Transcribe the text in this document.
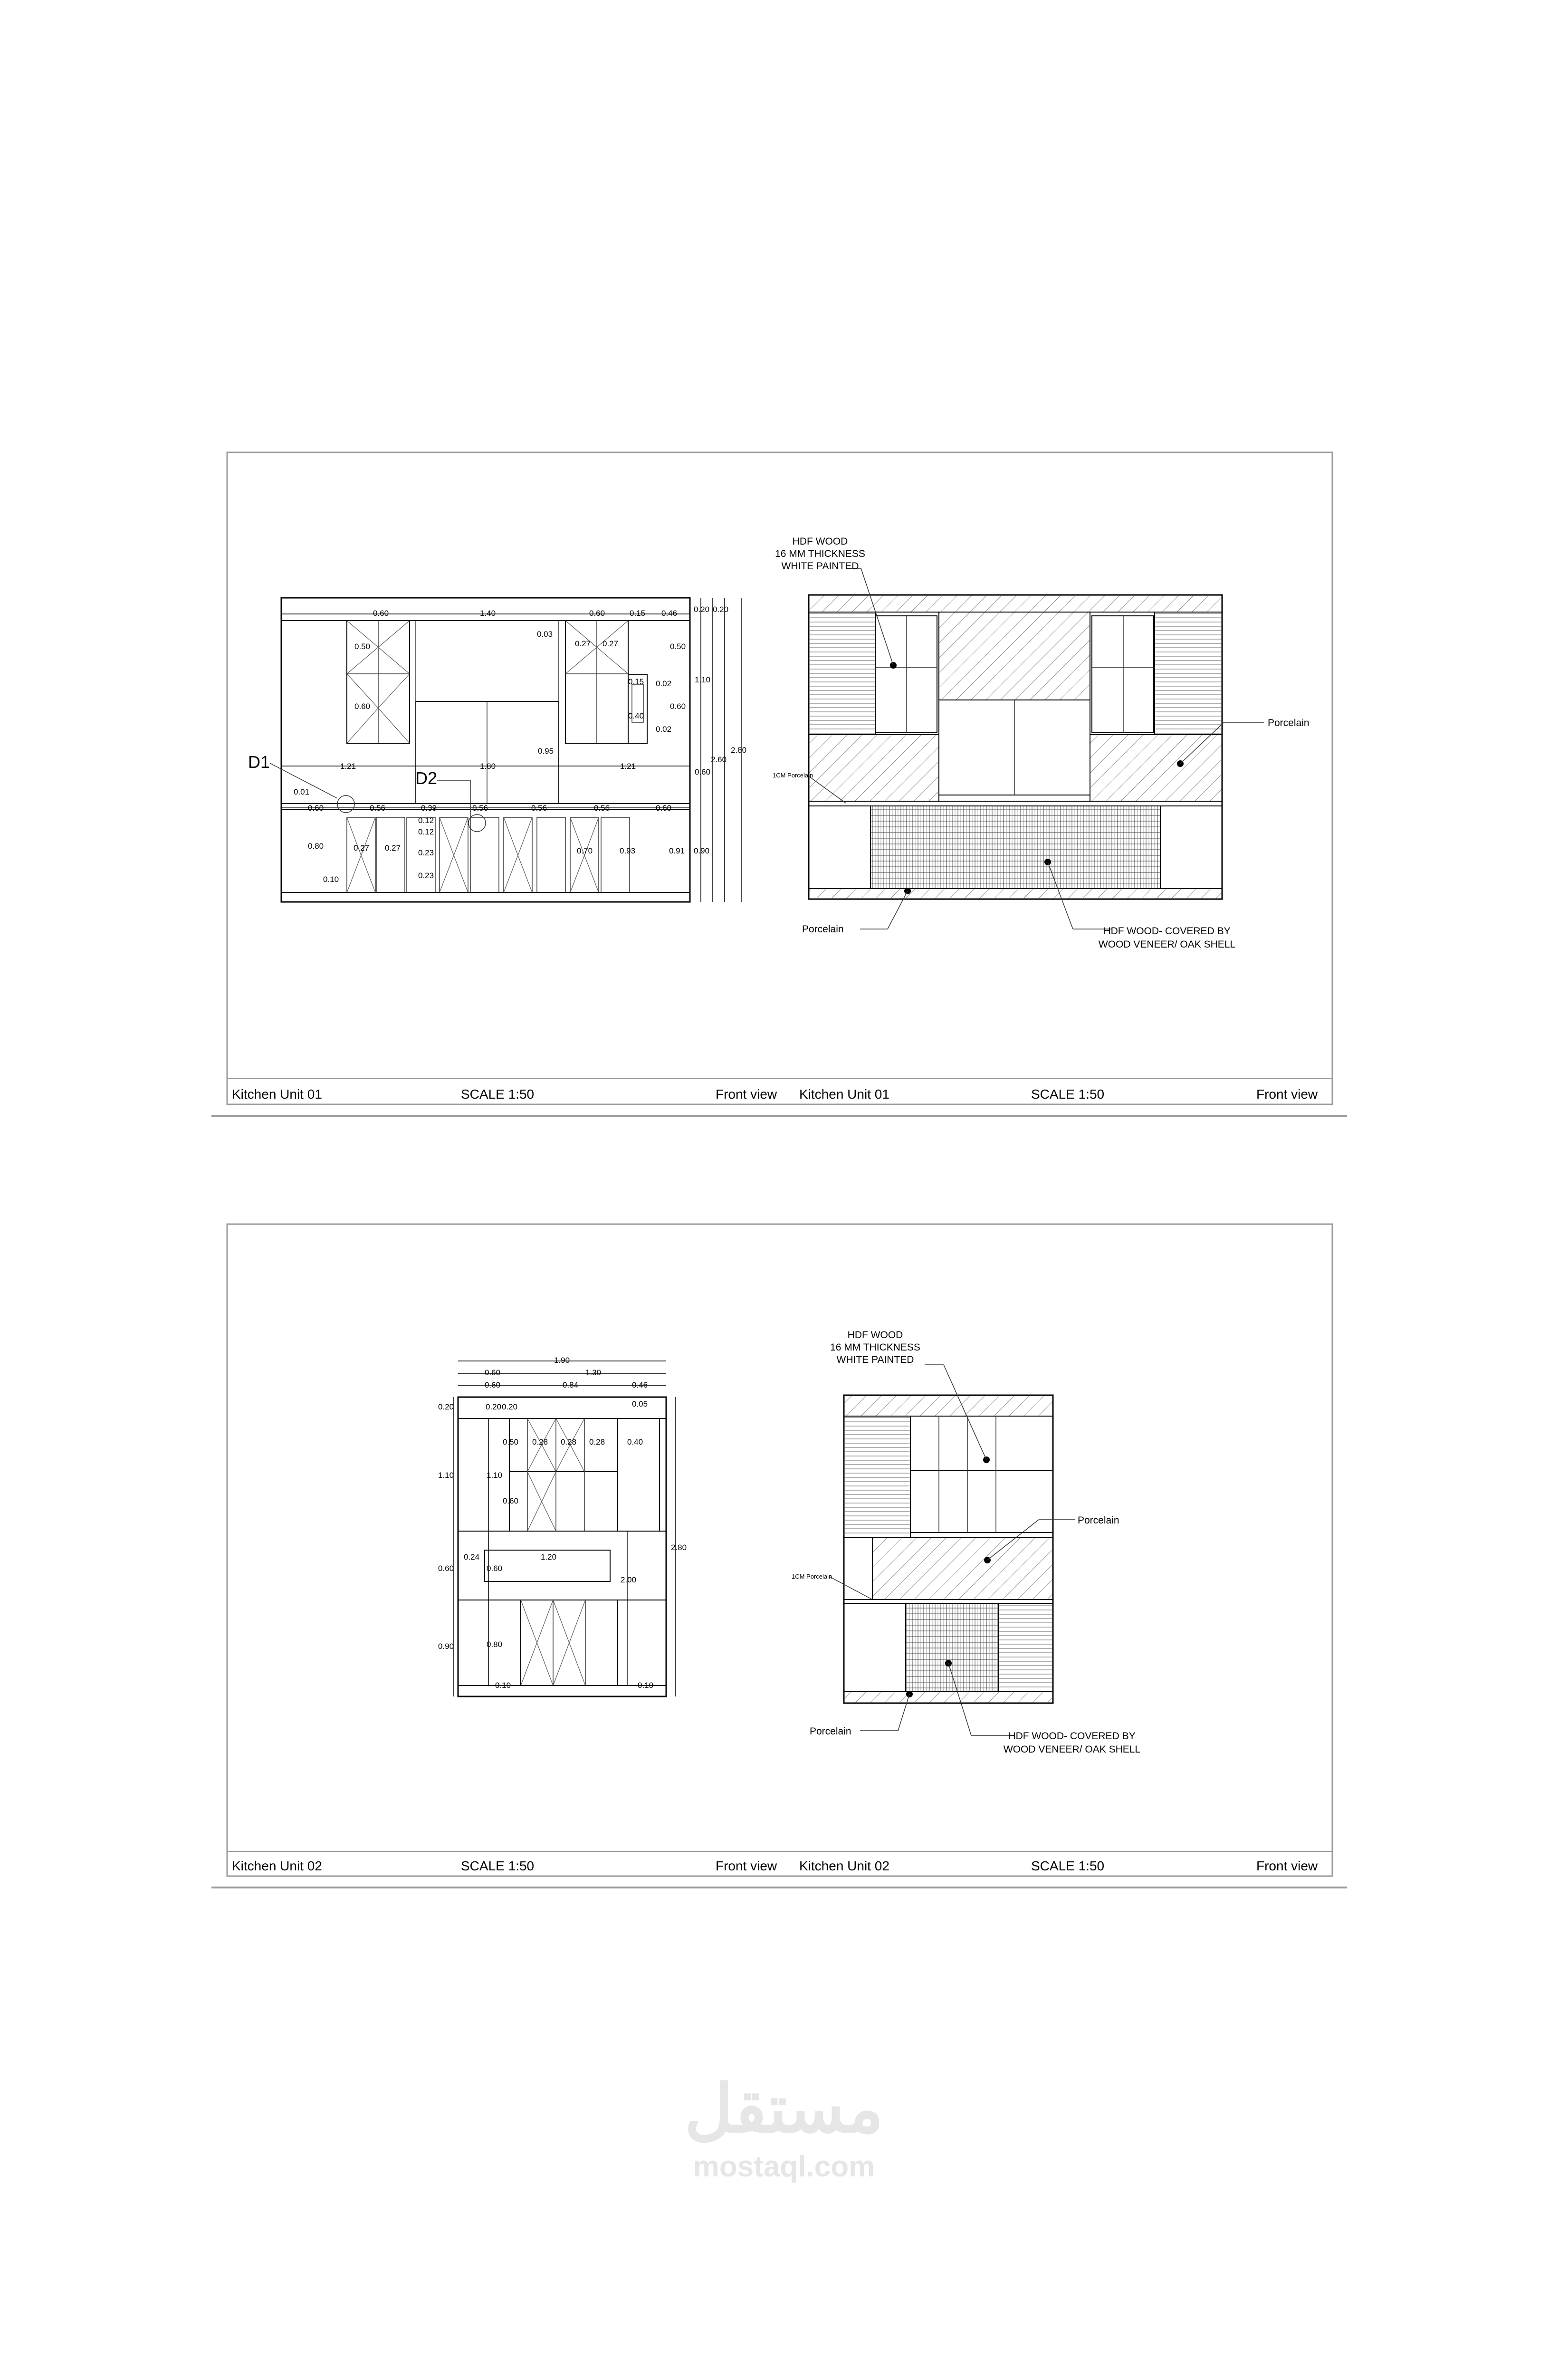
0.60	1.40	0.60	0.15 0.46 0.20 0.20
0.03
0.50	0.27 0.27	0.50
0.15 0.02
0.60	0.60
0.40
0.02
1.10
2.60
2.80
0.95
1.21	1.80	1.21
0.60
0.01
0.60	0.56	0.39	0.56	0.56	0.56	0.60
0.12
0.12
0.23
0.23
0.80	0.27 0.27	0.70	0.93	0.91 0.90
0.10
D1
D2
HDF WOOD
16 MM THICKNESS
WHITE PAINTED
Porcelain
1CM Porcelain
Porcelain	HDF WOOD- COVERED BY
WOOD VENEER/ OAK SHELL
Kitchen Unit 01	SCALE 1:50	Front view Kitchen Unit 01	SCALE 1:50	Front view
1.90
0.60	1.30
0.60	0.84	0.46
0.20	0.20 0.20	0.05
0.50 0.28 0.28 0.28	0.40
1.10	1.10
0.60
0.24	1.20
0.60	0.60
2.00
2.80
0.90	0.80
0.10	0.10
HDF WOOD
16 MM THICKNESS
WHITE PAINTED
Porcelain
1CM Porcelain
Porcelain	HDF WOOD- COVERED BY
WOOD VENEER/ OAK SHELL
Kitchen Unit 02	SCALE 1:50	Front view Kitchen Unit 02	SCALE 1:50	Front view
مستقل
mostaql.com
